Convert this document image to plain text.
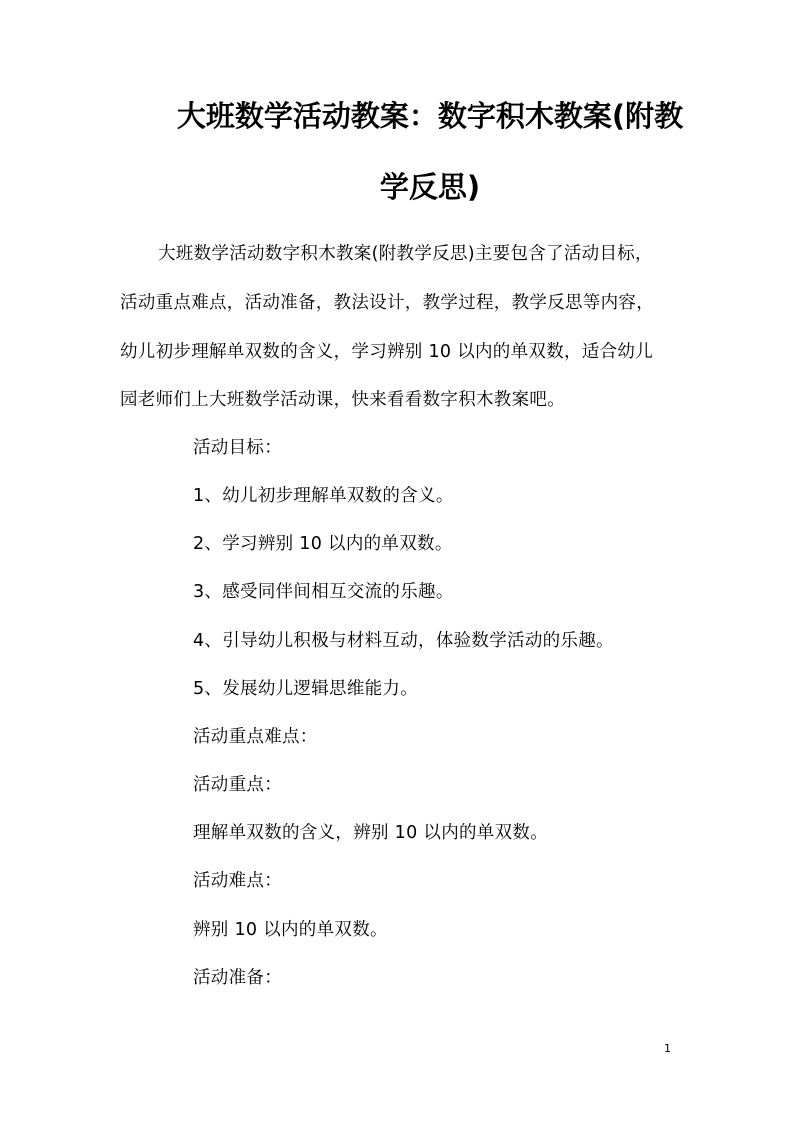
大班数学活动教案：数字积木教案(附教
学反思)
大班数学活动数字积木教案(附教学反思)主要包含了活动目标，
活动重点难点，活动准备，教法设计，教学过程，教学反思等内容，
幼儿初步理解单双数的含义，学习辨别 10 以内的单双数，适合幼儿
园老师们上大班数学活动课，快来看看数字积木教案吧。
活动目标：
1、幼儿初步理解单双数的含义。
2、学习辨别 10 以内的单双数。
3、感受同伴间相互交流的乐趣。
4、引导幼儿积极与材料互动，体验数学活动的乐趣。
5、发展幼儿逻辑思维能力。
活动重点难点：
活动重点：
理解单双数的含义，辨别 10 以内的单双数。
活动难点：
辨别 10 以内的单双数。
活动准备：
1
